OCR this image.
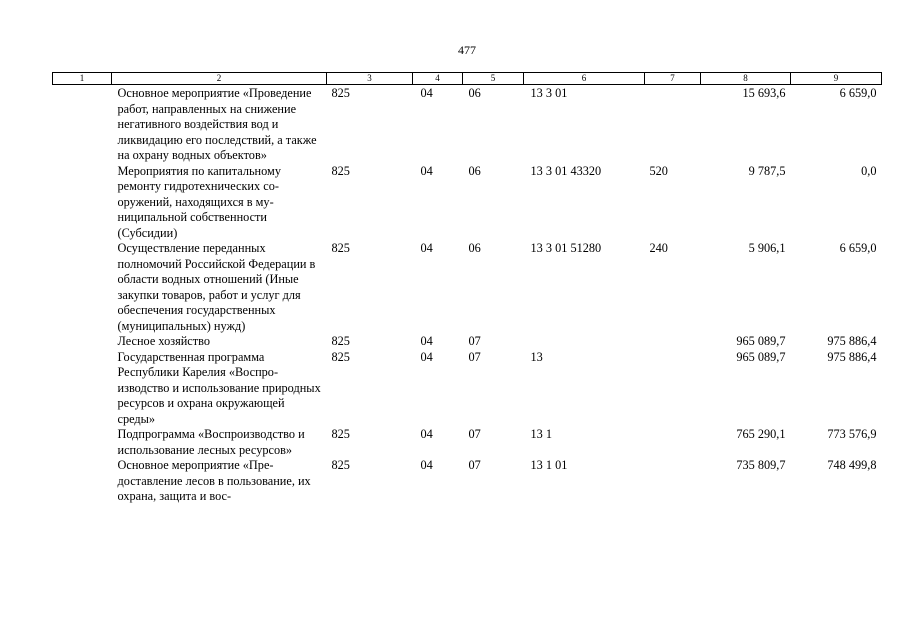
477
1	2	3	4	5	6	7	8	9
	Основное мероприятие «Проведение работ, направленных на снижение негативного воздействия вод и ликвидацию его последствий, а также на охрану водных объектов»	825	04	06	13 3 01		15 693,6	6 659,0
	Мероприятия по капитальному ремонту гидротехнических сооружений, находящихся в муниципальной собственности (Субсидии)	825	04	06	13 3 01 43320	520	9 787,5	0,0
	Осуществление переданных полномочий Российской Федерации в области водных отношений (Иные закупки товаров, работ и услуг для обеспечения государственных (муниципальных) нужд)	825	04	06	13 3 01 51280	240	5 906,1	6 659,0
	Лесное хозяйство	825	04	07			965 089,7	975 886,4
	Государственная программа Республики Карелия «Воспроизводство и использование природных ресурсов и охрана окружающей среды»	825	04	07	13		965 089,7	975 886,4
	Подпрограмма «Воспроизводство и использование лесных ресурсов»	825	04	07	13 1		765 290,1	773 576,9
	Основное мероприятие «Предоставление лесов в пользование, их охрана, защита и вос-	825	04	07	13 1 01		735 809,7	748 499,8
